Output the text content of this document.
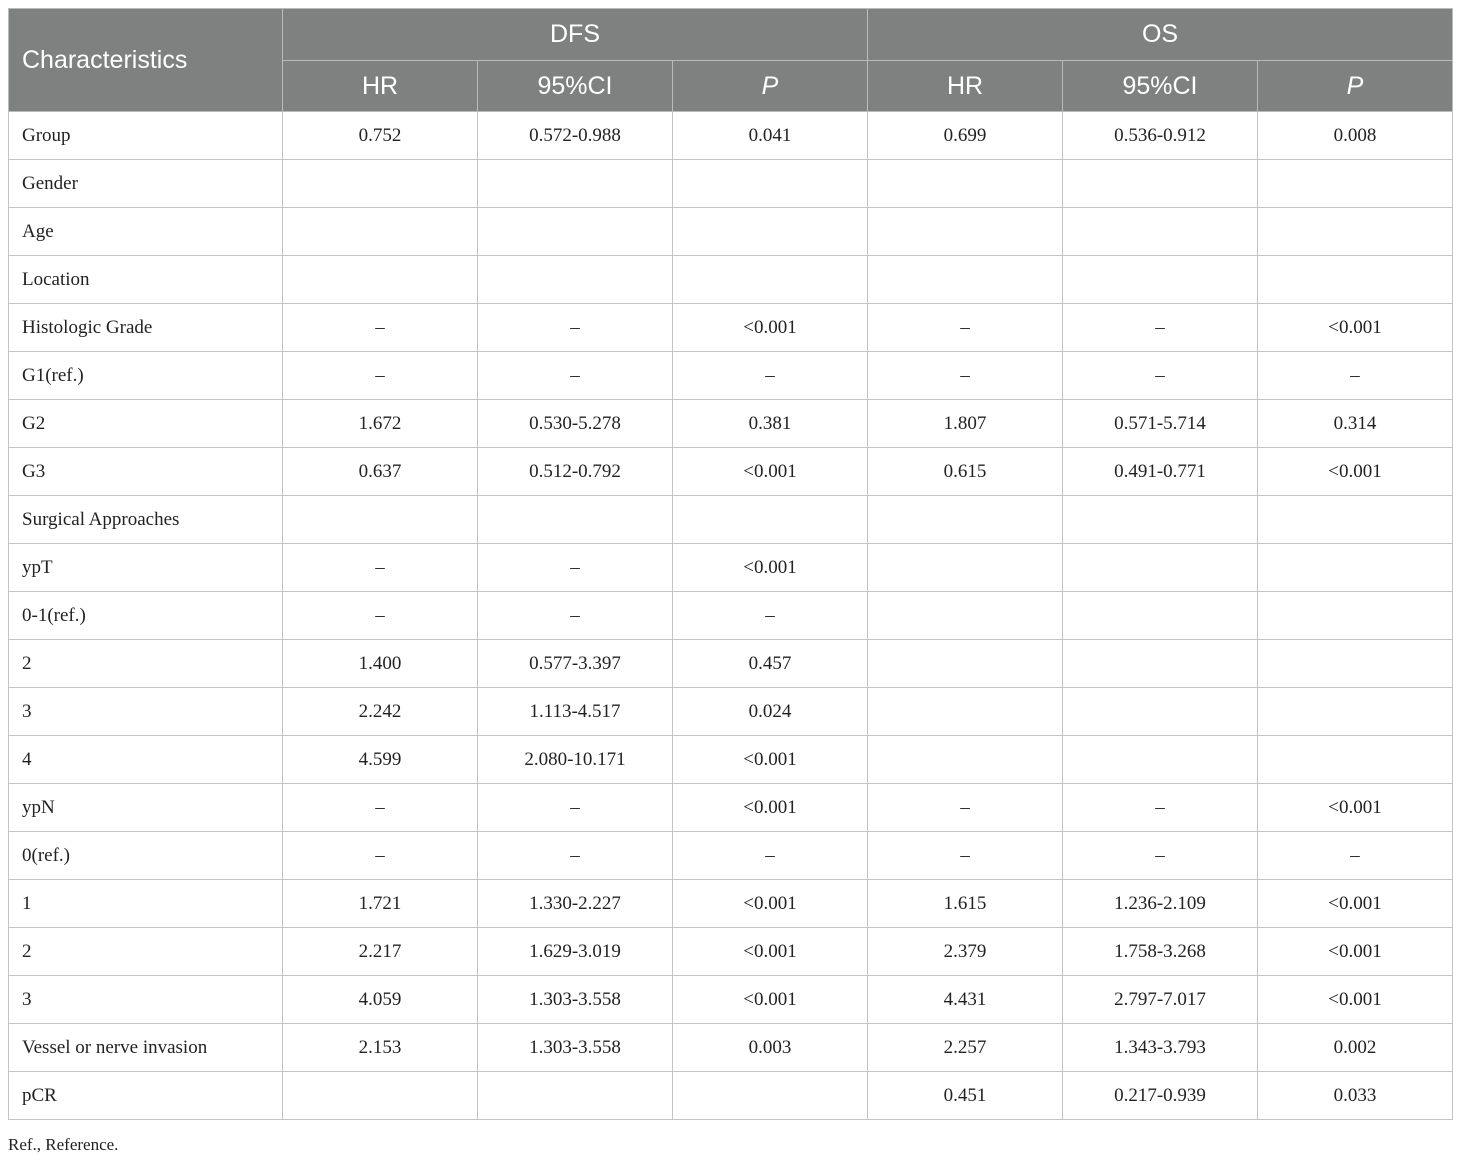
Characteristics	DFS			OS		
	HR	95%CI	P	HR	95%CI	P
Group	0.752	0.572-0.988	0.041	0.699	0.536-0.912	0.008
Gender						
Age						
Location						
Histologic Grade	–	–	<0.001	–	–	<0.001
G1(ref.)	–	–	–	–	–	–
G2	1.672	0.530-5.278	0.381	1.807	0.571-5.714	0.314
G3	0.637	0.512-0.792	<0.001	0.615	0.491-0.771	<0.001
Surgical Approaches						
ypT	–	–	<0.001			
0-1(ref.)	–	–	–			
2	1.400	0.577-3.397	0.457			
3	2.242	1.113-4.517	0.024			
4	4.599	2.080-10.171	<0.001			
ypN	–	–	<0.001	–	–	<0.001
0(ref.)	–	–	–	–	–	–
1	1.721	1.330-2.227	<0.001	1.615	1.236-2.109	<0.001
2	2.217	1.629-3.019	<0.001	2.379	1.758-3.268	<0.001
3	4.059	1.303-3.558	<0.001	4.431	2.797-7.017	<0.001
Vessel or nerve invasion	2.153	1.303-3.558	0.003	2.257	1.343-3.793	0.002
pCR				0.451	0.217-0.939	0.033
Ref., Reference.
